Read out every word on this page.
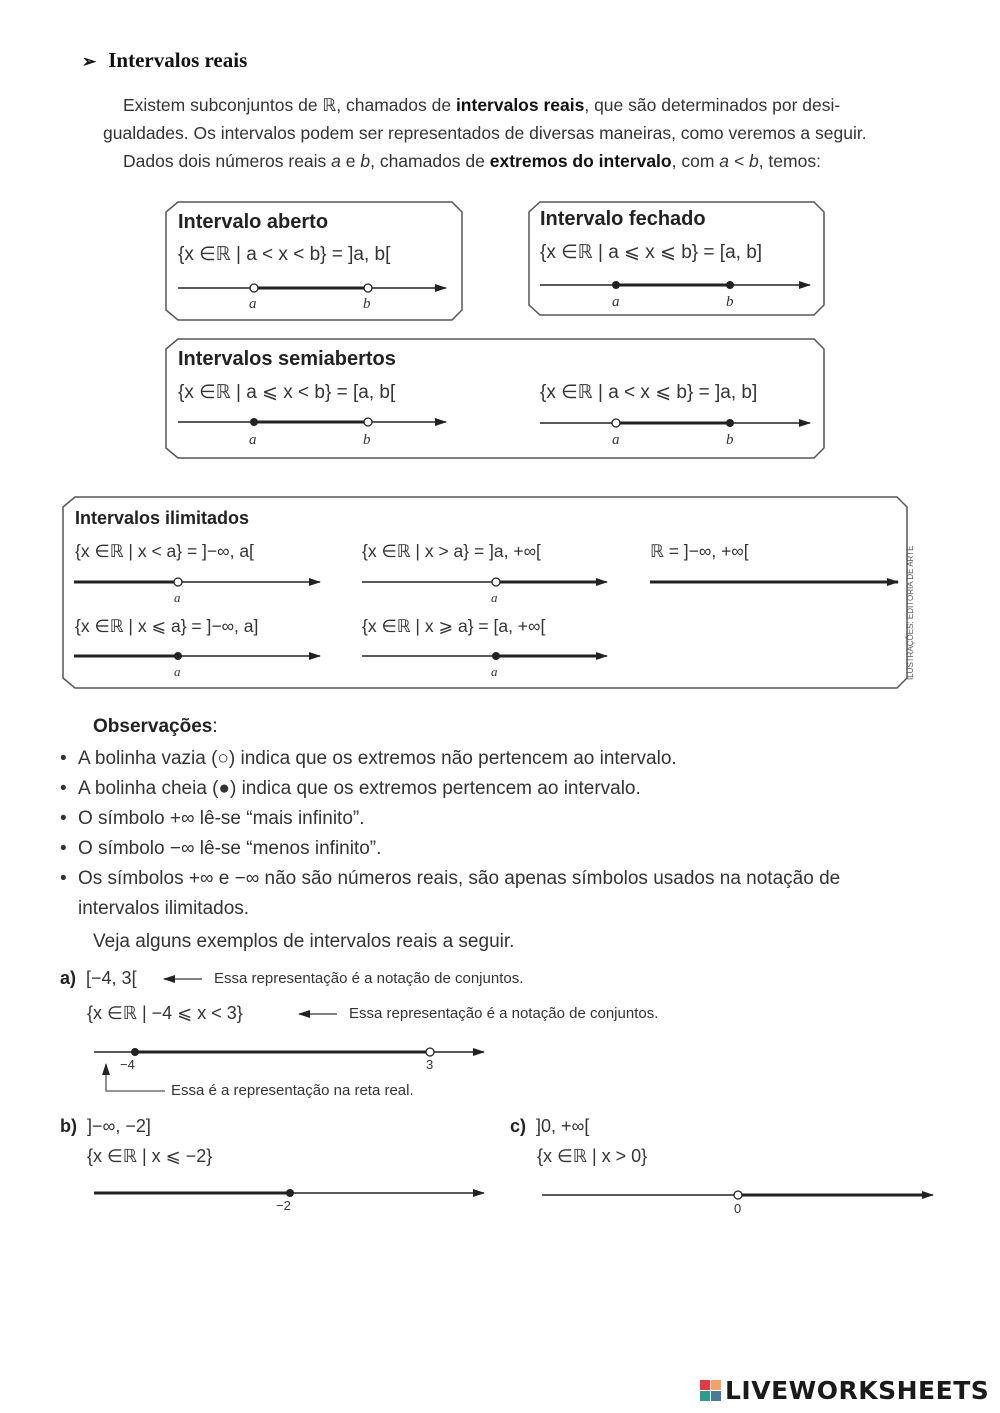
➢ Intervalos reais
Existem subconjuntos de ℝ, chamados de intervalos reais, que são determinados por desi-
gualdades. Os intervalos podem ser representados de diversas maneiras, como veremos a seguir.
Dados dois números reais a e b, chamados de extremos do intervalo, com a < b, temos:
Intervalo aberto
{x ∈ℝ | a < x < b} = ]a, b[
a	b
Intervalo fechado
{x ∈ℝ | a ⩽ x ⩽ b} = [a, b]
a	b
Intervalos semiabertos
{x ∈ℝ | a ⩽ x < b} = [a, b[	{x ∈ℝ | a < x ⩽ b} = ]a, b]
a	b	a	b
Intervalos ilimitados
{x ∈ℝ | x < a} = ]−∞, a[	{x ∈ℝ | x > a} = ]a, +∞[	ℝ = ]−∞, +∞[
{x ∈ℝ | x ⩽ a} = ]−∞, a]	{x ∈ℝ | x ⩾ a} = [a, +∞[
a	a
a	a	ILUSTRAÇÕES: EDITORIA DE ARTE
Observações:
• A bolinha vazia (○) indica que os extremos não pertencem ao intervalo.
• A bolinha cheia (●) indica que os extremos pertencem ao intervalo.
• O símbolo +∞ lê-se “mais infinito”.
• O símbolo −∞ lê-se “menos infinito”.
• Os símbolos +∞ e −∞ não são números reais, são apenas símbolos usados na notação de
intervalos ilimitados.
Veja alguns exemplos de intervalos reais a seguir.
a) [−4, 3[	Essa representação é a notação de conjuntos.
{x ∈ℝ | −4 ⩽ x < 3}	Essa representação é a notação de conjuntos.
−4	3
Essa é a representação na reta real.
b) ]−∞, −2]
{x ∈ℝ | x ⩽ −2}
−2
c) ]0, +∞[
{x ∈ℝ | x > 0}
0
LIVEWORKSHEETS
